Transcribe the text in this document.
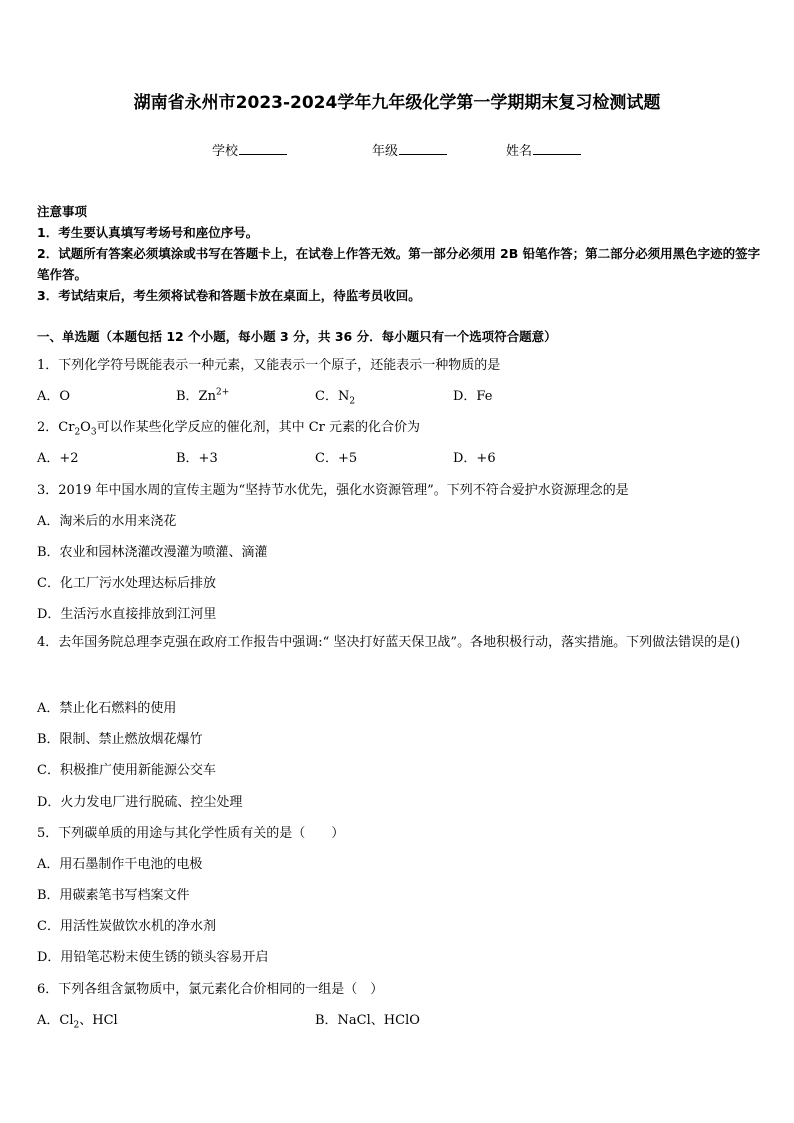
湖南省永州市2023-2024学年九年级化学第一学期期末复习检测试题
学校	年级	姓名
注意事项
1．考生要认真填写考场号和座位序号。
2．试题所有答案必须填涂或书写在答题卡上，在试卷上作答无效。第一部分必须用 2B 铅笔作答；第二部分必须用黑色字迹的签字笔作答。
3．考试结束后，考生须将试卷和答题卡放在桌面上，待监考员收回。
一、单选题（本题包括 12 个小题，每小题 3 分，共 36 分．每小题只有一个选项符合题意）
1．下列化学符号既能表示一种元素，又能表示一个原子，还能表示一种物质的是
A．O	B．$Zn^{2+}$	C．$N_2$	D．Fe
2．$Cr_2O_3$可以作某些化学反应的催化剂，其中 Cr 元素的化合价为
A．+2	B．+3	C．+5	D．+6
3．2019 年中国水周的宣传主题为“坚持节水优先，强化水资源管理”。下列不符合爱护水资源理念的是
A．淘米后的水用来浇花
B．农业和园林浇灌改漫灌为喷灌、滴灌
C．化工厂污水处理达标后排放
D．生活污水直接排放到江河里
4．去年国务院总理李克强在政府工作报告中强调:“ 坚决打好蓝天保卫战”。各地积极行动，落实措施。下列做法错误的是()
A．禁止化石燃料的使用
B．限制、禁止燃放烟花爆竹
C．积极推广使用新能源公交车
D．火力发电厂进行脱硫、控尘处理
5．下列碳单质的用途与其化学性质有关的是（　　）
A．用石墨制作干电池的电极
B．用碳素笔书写档案文件
C．用活性炭做饮水机的净水剂
D．用铅笔芯粉末使生锈的锁头容易开启
6．下列各组含氯物质中，氯元素化合价相同的一组是（　）
A．$Cl_2$、HCl	B．NaCl、HClO
